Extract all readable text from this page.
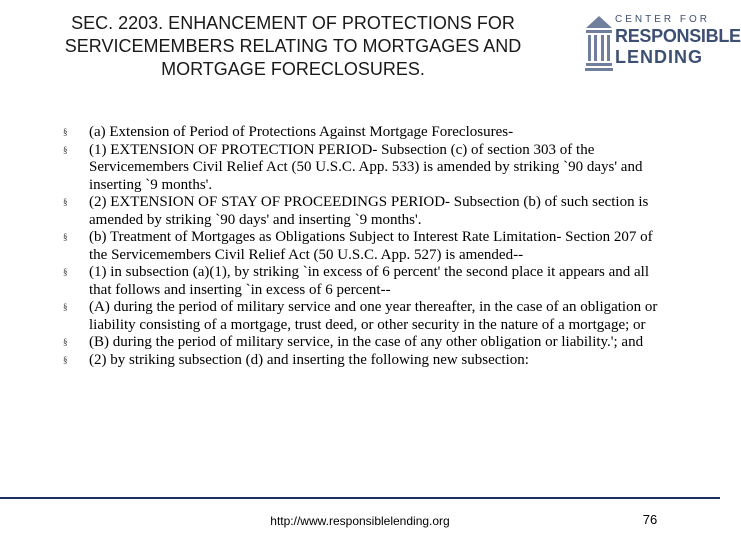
SEC. 2203. ENHANCEMENT OF PROTECTIONS FOR SERVICEMEMBERS RELATING TO MORTGAGES AND MORTGAGE FORECLOSURES.
CENTER FOR
RESPONSIBLE
LENDING
§ (a) Extension of Period of Protections Against Mortgage Foreclosures-
§ (1) EXTENSION OF PROTECTION PERIOD- Subsection (c) of section 303 of the Servicemembers Civil Relief Act (50 U.S.C. App. 533) is amended by striking `90 days' and inserting `9 months'.
§ (2) EXTENSION OF STAY OF PROCEEDINGS PERIOD- Subsection (b) of such section is amended by striking `90 days' and inserting `9 months'.
§ (b) Treatment of Mortgages as Obligations Subject to Interest Rate Limitation- Section 207 of the Servicemembers Civil Relief Act (50 U.S.C. App. 527) is amended--
§ (1) in subsection (a)(1), by striking `in excess of 6 percent' the second place it appears and all that follows and inserting `in excess of 6 percent--
§ (A) during the period of military service and one year thereafter, in the case of an obligation or liability consisting of a mortgage, trust deed, or other security in the nature of a mortgage; or
§ (B) during the period of military service, in the case of any other obligation or liability.'; and
§ (2) by striking subsection (d) and inserting the following new subsection:
http://www.responsiblelending.org	76
